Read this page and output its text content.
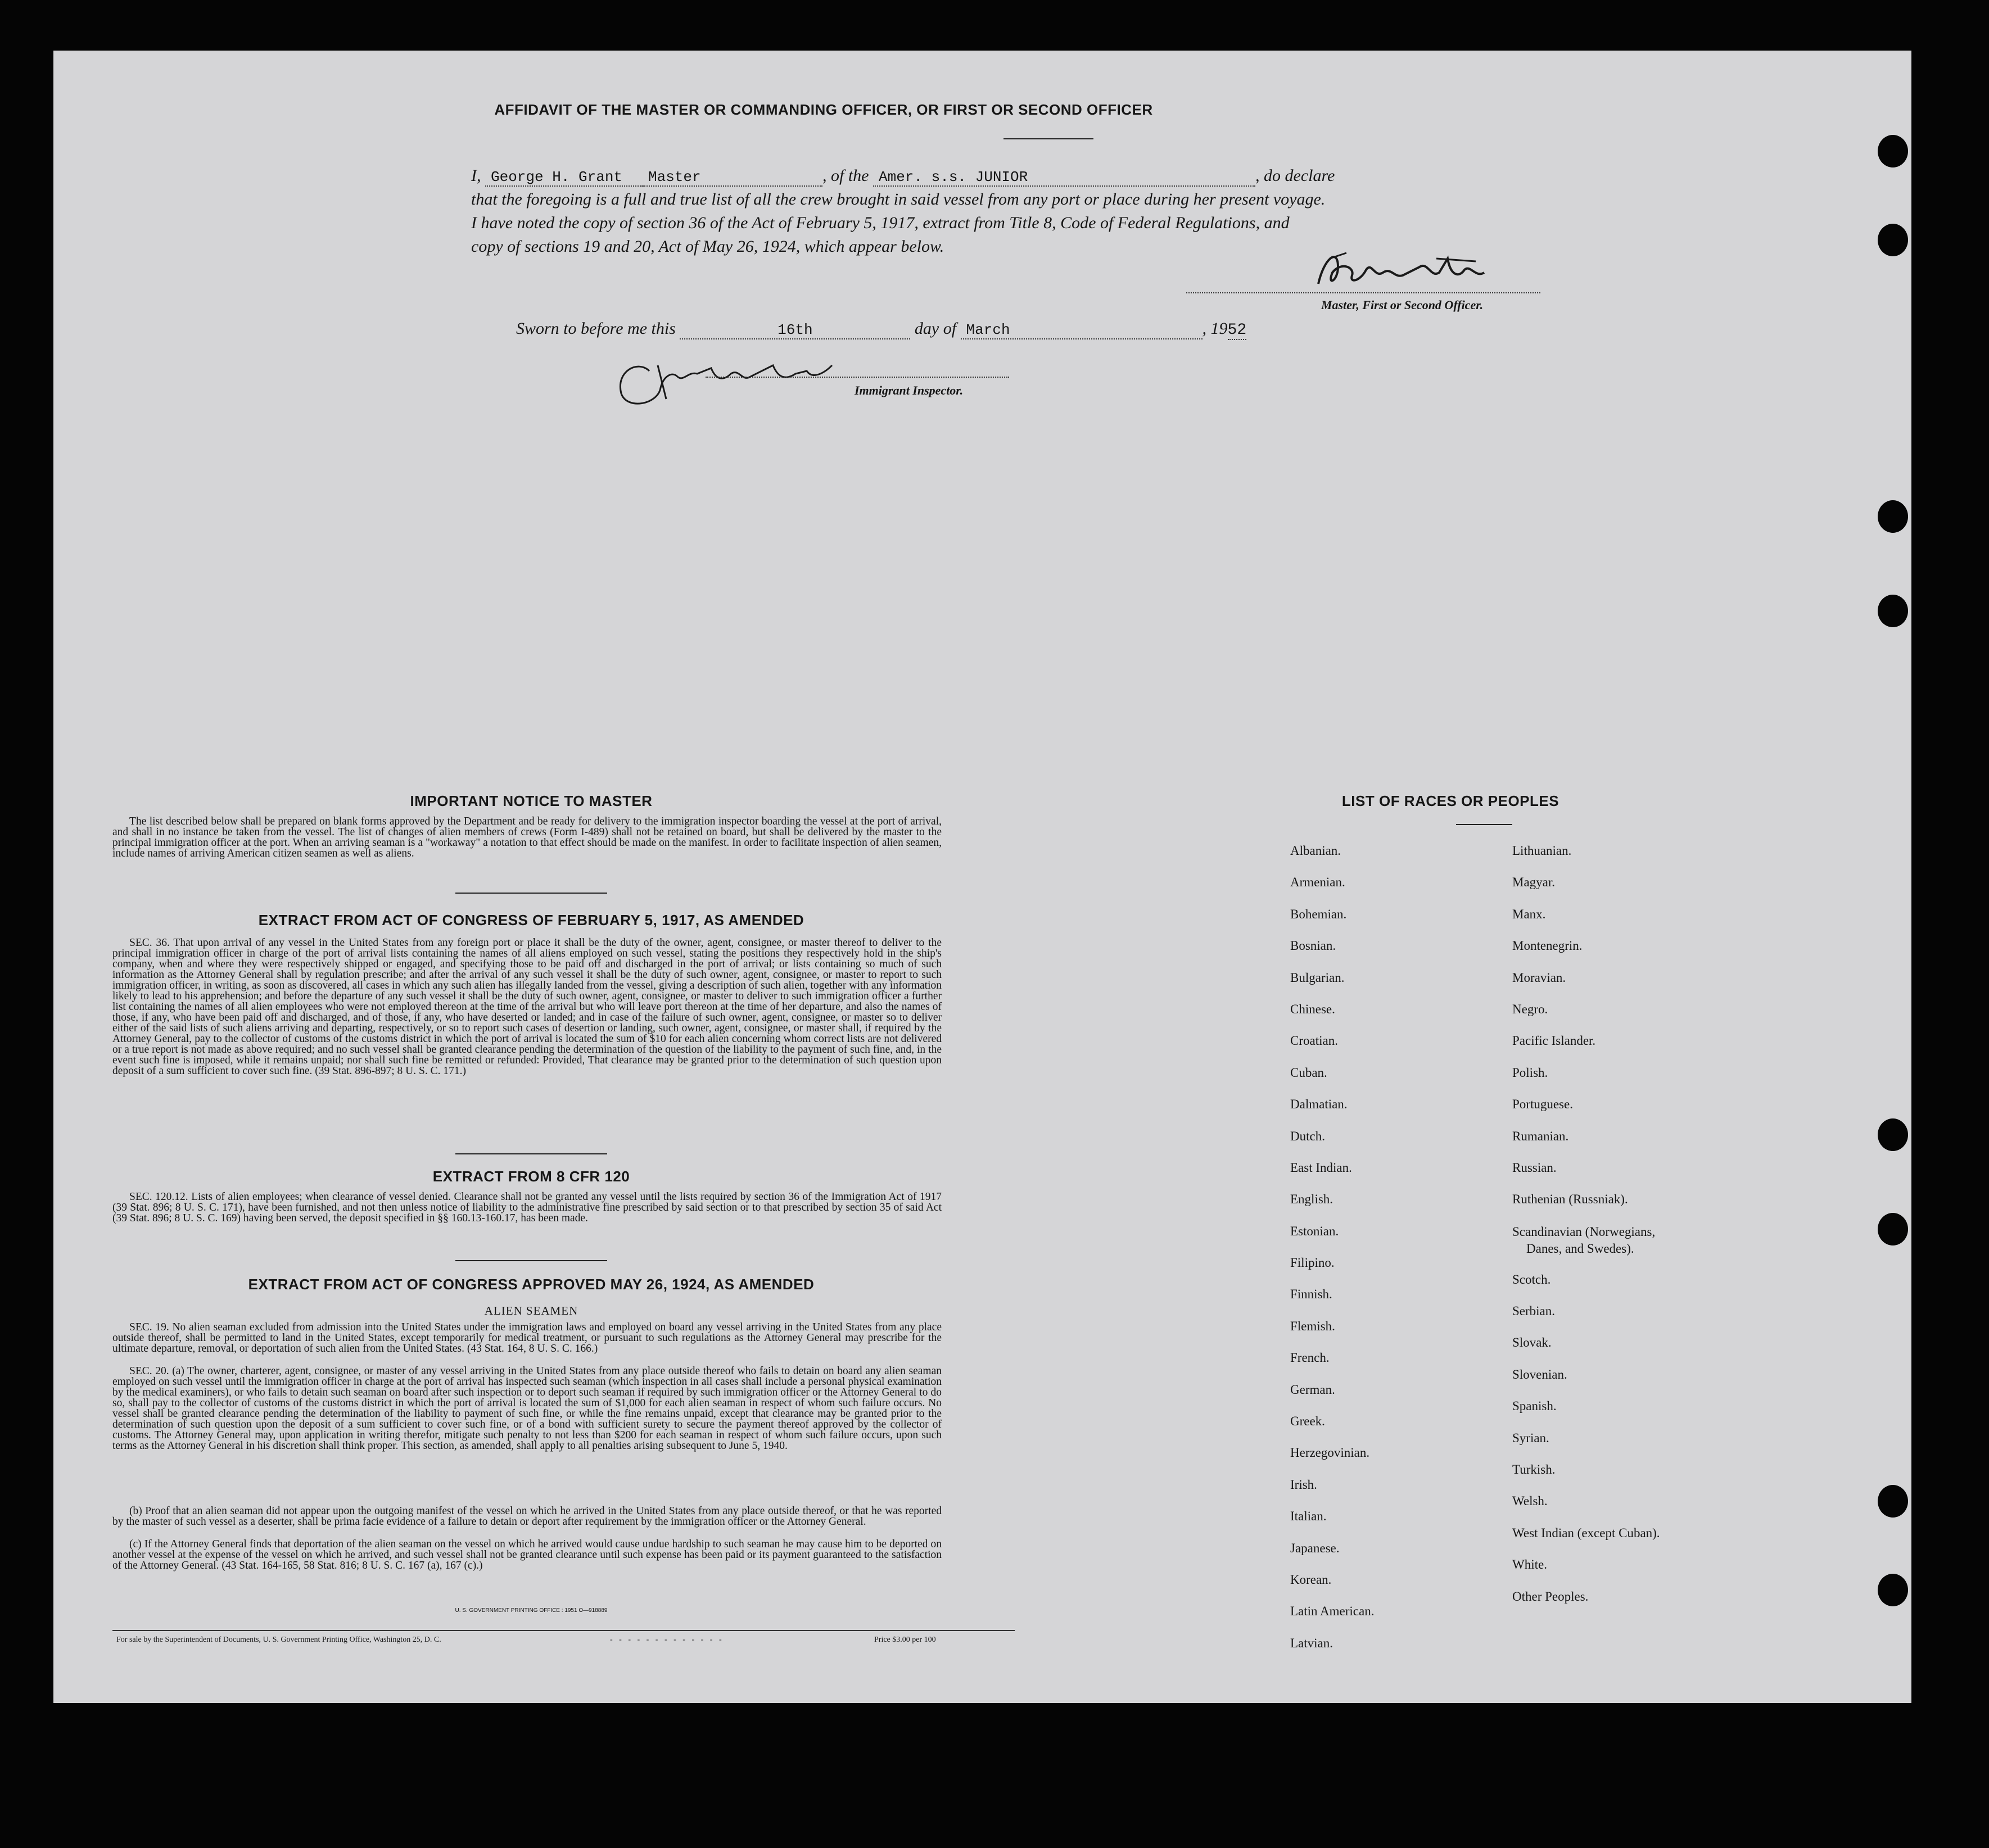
AFFIDAVIT OF THE MASTER OR COMMANDING OFFICER, OR FIRST OR SECOND OFFICER
I, George H. Grant Master	, of the Amer. s.s. JUNIOR	, do declare
that the foregoing is a full and true list of all the crew brought in said vessel from any port or place during her present voyage.
I have noted the copy of section 36 of the Act of February 5, 1917, extract from Title 8, Code of Federal Regulations, and
copy of sections 19 and 20, Act of May 26, 1924, which appear below.
Master, First or Second Officer.
Sworn to before me this	16th	day of March	, 1952
Immigrant Inspector.
IMPORTANT NOTICE TO MASTER
The list described below shall be prepared on blank forms approved by the Department and be ready for delivery to the immigration inspector boarding the vessel at the port of arrival, and shall in no instance be taken from the vessel. The list of changes of alien members of crews (Form I-489) shall not be retained on board, but shall be delivered by the master to the principal immigration officer at the port. When an arriving seaman is a "workaway" a notation to that effect should be made on the manifest. In order to facilitate inspection of alien seamen, include names of arriving American citizen seamen as well as aliens.
EXTRACT FROM ACT OF CONGRESS OF FEBRUARY 5, 1917, AS AMENDED
SEC. 36. That upon arrival of any vessel in the United States from any foreign port or place it shall be the duty of the owner, agent, consignee, or master thereof to deliver to the principal immigration officer in charge of the port of arrival lists containing the names of all aliens employed on such vessel, stating the positions they respectively hold in the ship's company, when and where they were respectively shipped or engaged, and specifying those to be paid off and discharged in the port of arrival; or lists containing so much of such information as the Attorney General shall by regulation prescribe; and after the arrival of any such vessel it shall be the duty of such owner, agent, consignee, or master to report to such immigration officer, in writing, as soon as discovered, all cases in which any such alien has illegally landed from the vessel, giving a description of such alien, together with any information likely to lead to his apprehension; and before the departure of any such vessel it shall be the duty of such owner, agent, consignee, or master to deliver to such immigration officer a further list containing the names of all alien employees who were not employed thereon at the time of the arrival but who will leave port thereon at the time of her departure, and also the names of those, if any, who have been paid off and discharged, and of those, if any, who have deserted or landed; and in case of the failure of such owner, agent, consignee, or master so to deliver either of the said lists of such aliens arriving and departing, respectively, or so to report such cases of desertion or landing, such owner, agent, consignee, or master shall, if required by the Attorney General, pay to the collector of customs of the customs district in which the port of arrival is located the sum of $10 for each alien concerning whom correct lists are not delivered or a true report is not made as above required; and no such vessel shall be granted clearance pending the determination of the question of the liability to the payment of such fine, and, in the event such fine is imposed, while it remains unpaid; nor shall such fine be remitted or refunded: Provided, That clearance may be granted prior to the determination of such question upon deposit of a sum sufficient to cover such fine. (39 Stat. 896-897; 8 U. S. C. 171.)
EXTRACT FROM 8 CFR 120
SEC. 120.12. Lists of alien employees; when clearance of vessel denied. Clearance shall not be granted any vessel until the lists required by section 36 of the Immigration Act of 1917 (39 Stat. 896; 8 U. S. C. 171), have been furnished, and not then unless notice of liability to the administrative fine prescribed by said section or to that prescribed by section 35 of said Act (39 Stat. 896; 8 U. S. C. 169) having been served, the deposit specified in §§ 160.13-160.17, has been made.
EXTRACT FROM ACT OF CONGRESS APPROVED MAY 26, 1924, AS AMENDED
ALIEN SEAMEN
SEC. 19. No alien seaman excluded from admission into the United States under the immigration laws and employed on board any vessel arriving in the United States from any place outside thereof, shall be permitted to land in the United States, except temporarily for medical treatment, or pursuant to such regulations as the Attorney General may prescribe for the ultimate departure, removal, or deportation of such alien from the United States. (43 Stat. 164, 8 U. S. C. 166.)
SEC. 20. (a) The owner, charterer, agent, consignee, or master of any vessel arriving in the United States from any place outside thereof who fails to detain on board any alien seaman employed on such vessel until the immigration officer in charge at the port of arrival has inspected such seaman (which inspection in all cases shall include a personal physical examination by the medical examiners), or who fails to detain such seaman on board after such inspection or to deport such seaman if required by such immigration officer or the Attorney General to do so, shall pay to the collector of customs of the customs district in which the port of arrival is located the sum of $1,000 for each alien seaman in respect of whom such failure occurs. No vessel shall be granted clearance pending the determination of the liability to payment of such fine, or while the fine remains unpaid, except that clearance may be granted prior to the determination of such question upon the deposit of a sum sufficient to cover such fine, or of a bond with sufficient surety to secure the payment thereof approved by the collector of customs. The Attorney General may, upon application in writing therefor, mitigate such penalty to not less than $200 for each seaman in respect of whom such failure occurs, upon such terms as the Attorney General in his discretion shall think proper. This section, as amended, shall apply to all penalties arising subsequent to June 5, 1940.
(b) Proof that an alien seaman did not appear upon the outgoing manifest of the vessel on which he arrived in the United States from any place outside thereof, or that he was reported by the master of such vessel as a deserter, shall be prima facie evidence of a failure to detain or deport after requirement by the immigration officer or the Attorney General.
(c) If the Attorney General finds that deportation of the alien seaman on the vessel on which he arrived would cause undue hardship to such seaman he may cause him to be deported on another vessel at the expense of the vessel on which he arrived, and such vessel shall not be granted clearance until such expense has been paid or its payment guaranteed to the satisfaction of the Attorney General. (43 Stat. 164-165, 58 Stat. 816; 8 U. S. C. 167 (a), 167 (c).)
U. S. GOVERNMENT PRINTING OFFICE : 1951 O—918889
For sale by the Superintendent of Documents, U. S. Government Printing Office, Washington 25, D. C.	- - - - - - - - - - - - -	Price $3.00 per 100
LIST OF RACES OR PEOPLES
Albanian.
Armenian.
Bohemian.
Bosnian.
Bulgarian.
Chinese.
Croatian.
Cuban.
Dalmatian.
Dutch.
East Indian.
English.
Estonian.
Filipino.
Finnish.
Flemish.
French.
German.
Greek.
Herzegovinian.
Irish.
Italian.
Japanese.
Korean.
Latin American.
Latvian.
Lithuanian.
Magyar.
Manx.
Montenegrin.
Moravian.
Negro.
Pacific Islander.
Polish.
Portuguese.
Rumanian.
Russian.
Ruthenian (Russniak).
Scandinavian (Norwegians,
Danes, and Swedes).
Scotch.
Serbian.
Slovak.
Slovenian.
Spanish.
Syrian.
Turkish.
Welsh.
West Indian (except Cuban).
White.
Other Peoples.
